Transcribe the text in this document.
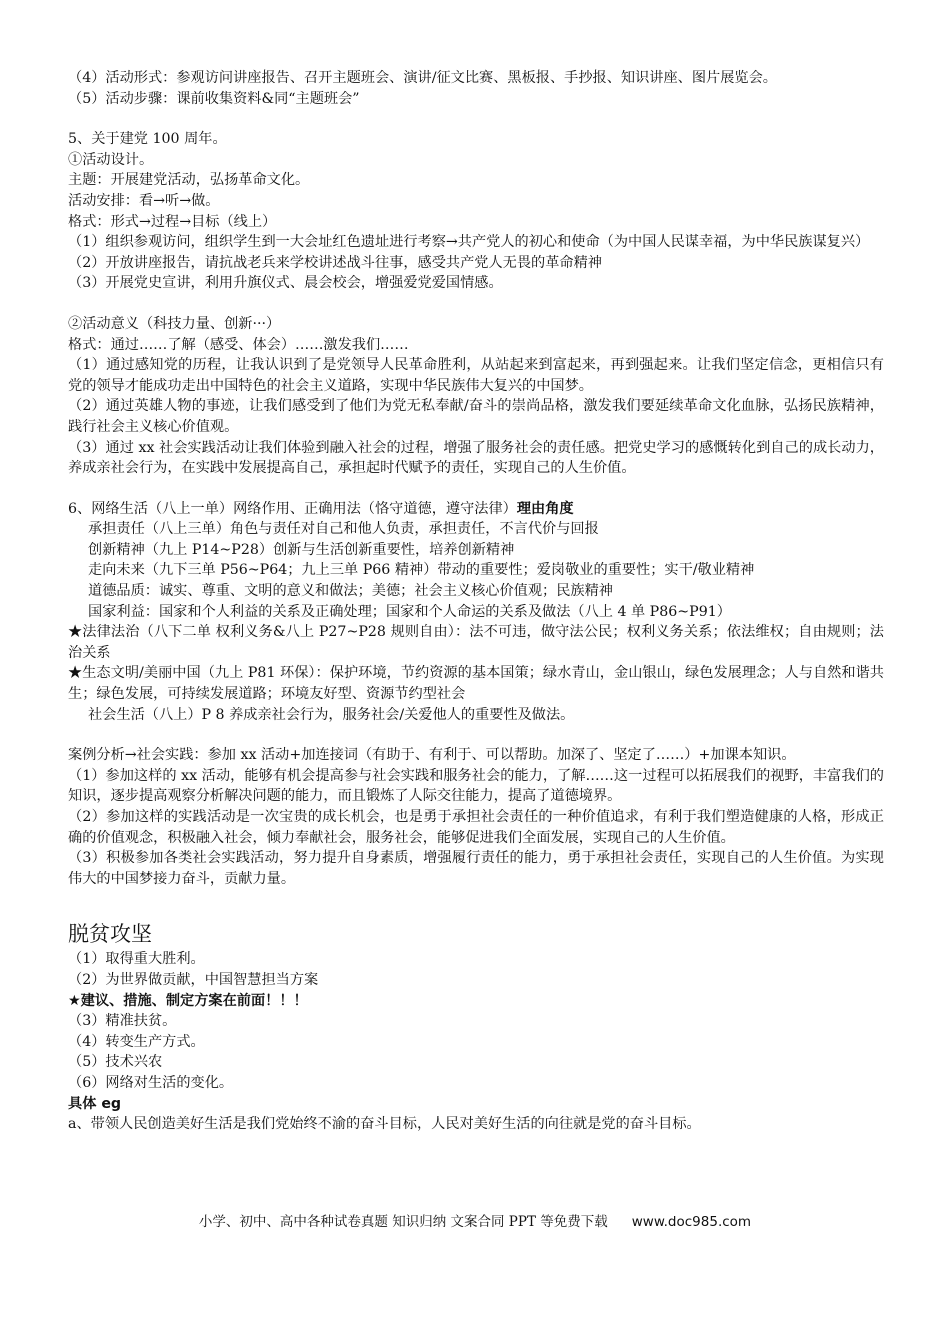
（4）活动形式：参观访问讲座报告、召开主题班会、演讲/征文比赛、黑板报、手抄报、知识讲座、图片展览会。
（5）活动步骤：课前收集资料&同“主题班会”
5、关于建党 100 周年。
①活动设计。
主题：开展建党活动，弘扬革命文化。
活动安排：看→听→做。
格式：形式→过程→目标（线上）
（1）组织参观访问，组织学生到一大会址红色遗址进行考察→共产党人的初心和使命（为中国人民谋幸福，为中华民族谋复兴）
（2）开放讲座报告，请抗战老兵来学校讲述战斗往事，感受共产党人无畏的革命精神
（3）开展党史宣讲，利用升旗仪式、晨会校会，增强爱党爱国情感。
②活动意义（科技力量、创新···）
格式：通过……了解（感受、体会）……激发我们……
（1）通过感知党的历程，让我认识到了是党领导人民革命胜利，从站起来到富起来，再到强起来。让我们坚定信念，更相信只有党的领导才能成功走出中国特色的社会主义道路，实现中华民族伟大复兴的中国梦。
（2）通过英雄人物的事迹，让我们感受到了他们为党无私奉献/奋斗的崇尚品格，激发我们要延续革命文化血脉，弘扬民族精神，践行社会主义核心价值观。
（3）通过 xx 社会实践活动让我们体验到融入社会的过程，增强了服务社会的责任感。把党史学习的感慨转化到自己的成长动力，养成亲社会行为，在实践中发展提高自己，承担起时代赋予的责任，实现自己的人生价值。
6、网络生活（八上一单）网络作用、正确用法（恪守道德，遵守法律）理由角度
承担责任（八上三单）角色与责任对自己和他人负责，承担责任，不言代价与回报
创新精神（九上 P14~P28）创新与生活创新重要性，培养创新精神
走向未来（九下三单 P56~P64；九上三单 P66 精神）带动的重要性；爱岗敬业的重要性；实干/敬业精神
道德品质：诚实、尊重、文明的意义和做法；美德；社会主义核心价值观；民族精神
国家利益：国家和个人利益的关系及正确处理；国家和个人命运的关系及做法（八上 4 单 P86~P91）
★法律法治（八下二单 权利义务&八上 P27~P28 规则自由）：法不可违，做守法公民；权利义务关系；依法维权；自由规则；法治关系
★生态文明/美丽中国（九上 P81 环保）：保护环境，节约资源的基本国策；绿水青山，金山银山，绿色发展理念；人与自然和谐共生；绿色发展，可持续发展道路；环境友好型、资源节约型社会
社会生活（八上）P 8 养成亲社会行为，服务社会/关爱他人的重要性及做法。
案例分析→社会实践：参加 xx 活动+加连接词（有助于、有利于、可以帮助。加深了、坚定了……）+加课本知识。
（1）参加这样的 xx 活动，能够有机会提高参与社会实践和服务社会的能力，了解……这一过程可以拓展我们的视野，丰富我们的知识，逐步提高观察分析解决问题的能力，而且锻炼了人际交往能力，提高了道德境界。
（2）参加这样的实践活动是一次宝贵的成长机会，也是勇于承担社会责任的一种价值追求，有利于我们塑造健康的人格，形成正确的价值观念，积极融入社会，倾力奉献社会，服务社会，能够促进我们全面发展，实现自己的人生价值。
（3）积极参加各类社会实践活动，努力提升自身素质，增强履行责任的能力，勇于承担社会责任，实现自己的人生价值。为实现伟大的中国梦接力奋斗，贡献力量。
脱贫攻坚
（1）取得重大胜利。
（2）为世界做贡献，中国智慧担当方案
★建议、措施、制定方案在前面！！！
（3）精准扶贫。
（4）转变生产方式。
（5）技术兴农
（6）网络对生活的变化。
具体 eg
a、带领人民创造美好生活是我们党始终不渝的奋斗目标，人民对美好生活的向往就是党的奋斗目标。
小学、初中、高中各种试卷真题 知识归纳 文案合同 PPT 等免费下载 www.doc985.com
